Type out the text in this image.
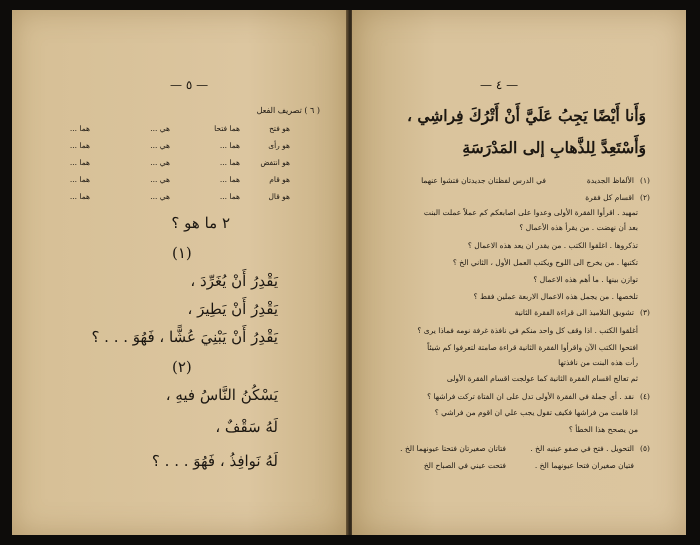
— ٥ —
( ٦ ) تصريف الفعل
هو فتح
هما فتحا
هي ...
هما ...
هو رأى
هما ...
هي ...
هما ...
هو انتفض
هما ...
هي ...
هما ...
هو قام
هما ...
هي ...
هما ...
هو قال
هما ...
هي ...
هما ...
٢ ما هو ؟
(١)
يَقْدِرُ أَنْ يُغَرِّدَ ،
يَقْدِرُ أَنْ يَطِيرَ ،
يَقْدِرُ أَنْ يَبْنِيَ عُشًّا ، فَهُوَ . . . ؟
(٢)
يَسْكُنُ النَّاسُ فيهِ ،
لَهُ سَقْفٌ ،
لَهُ نَوافِذُ ، فَهُوَ . . . ؟
— ٤ —
وَأَنا أَيْضًا يَجِبُ عَلَيَّ أَنْ أَتْرُكَ فِراشِي ،
وَأَسْتَعِدَّ لِلذَّهابِ إلى المَدْرَسَةِ
(١)
الألفاظ الجديدة
في الدرس لفظتان جديدتان فتشوا عنهما
(٢)
اقسام كل فقرة
تمهيد . اقرأوا الفقرة الأولى وعدوا على اصابعكم كم عملاً عملت البنت
بعد أن نهضت . من يقرأ هذه الأعمال ؟
تذكروها . اغلقوا الكتب . من يقدر ان يعد هذه الاعمال ؟
تكتبها . من يخرج الى اللوح ويكتب العمل الأول ، الثاني الخ ؟
توازن بينها . ما أهم هذه الاعمال ؟
تلخصها . من يجمل هذه الاعمال الاربعة عملين فقط ؟
(٣)
تشويق التلاميذ الى قراءة الفقرة الثانية
أغلقوا الكتب . اذا وقف كل واحد منكم في نافذة غرفة نومه فماذا يرى ؟
افتحوا الكتب الآن واقرأوا الفقرة الثانية قراءة صامتة لتعرفوا كم شيئاً
رأت هذه البنت من نافذتها
ثم تعالج اقسام الفقرة الثانية كما عولجت اقسام الفقرة الأولى
(٤)
نقد . أي جملة في الفقرة الأولى تدل على ان الفتاة تركت فراشها ؟
اذا قامت من فراشها فكيف تقول يجب علي ان اقوم من فراشي ؟
من يصحح هذا الخطأ ؟
(٥)
التحويل . فتح في صفو عينيه الخ .
فتاتان صغيرتان فتحتا عيونهما الخ .
فتيان صغيران فتحا عيونهما الخ .
فتحت عيني في الصباح الخ
